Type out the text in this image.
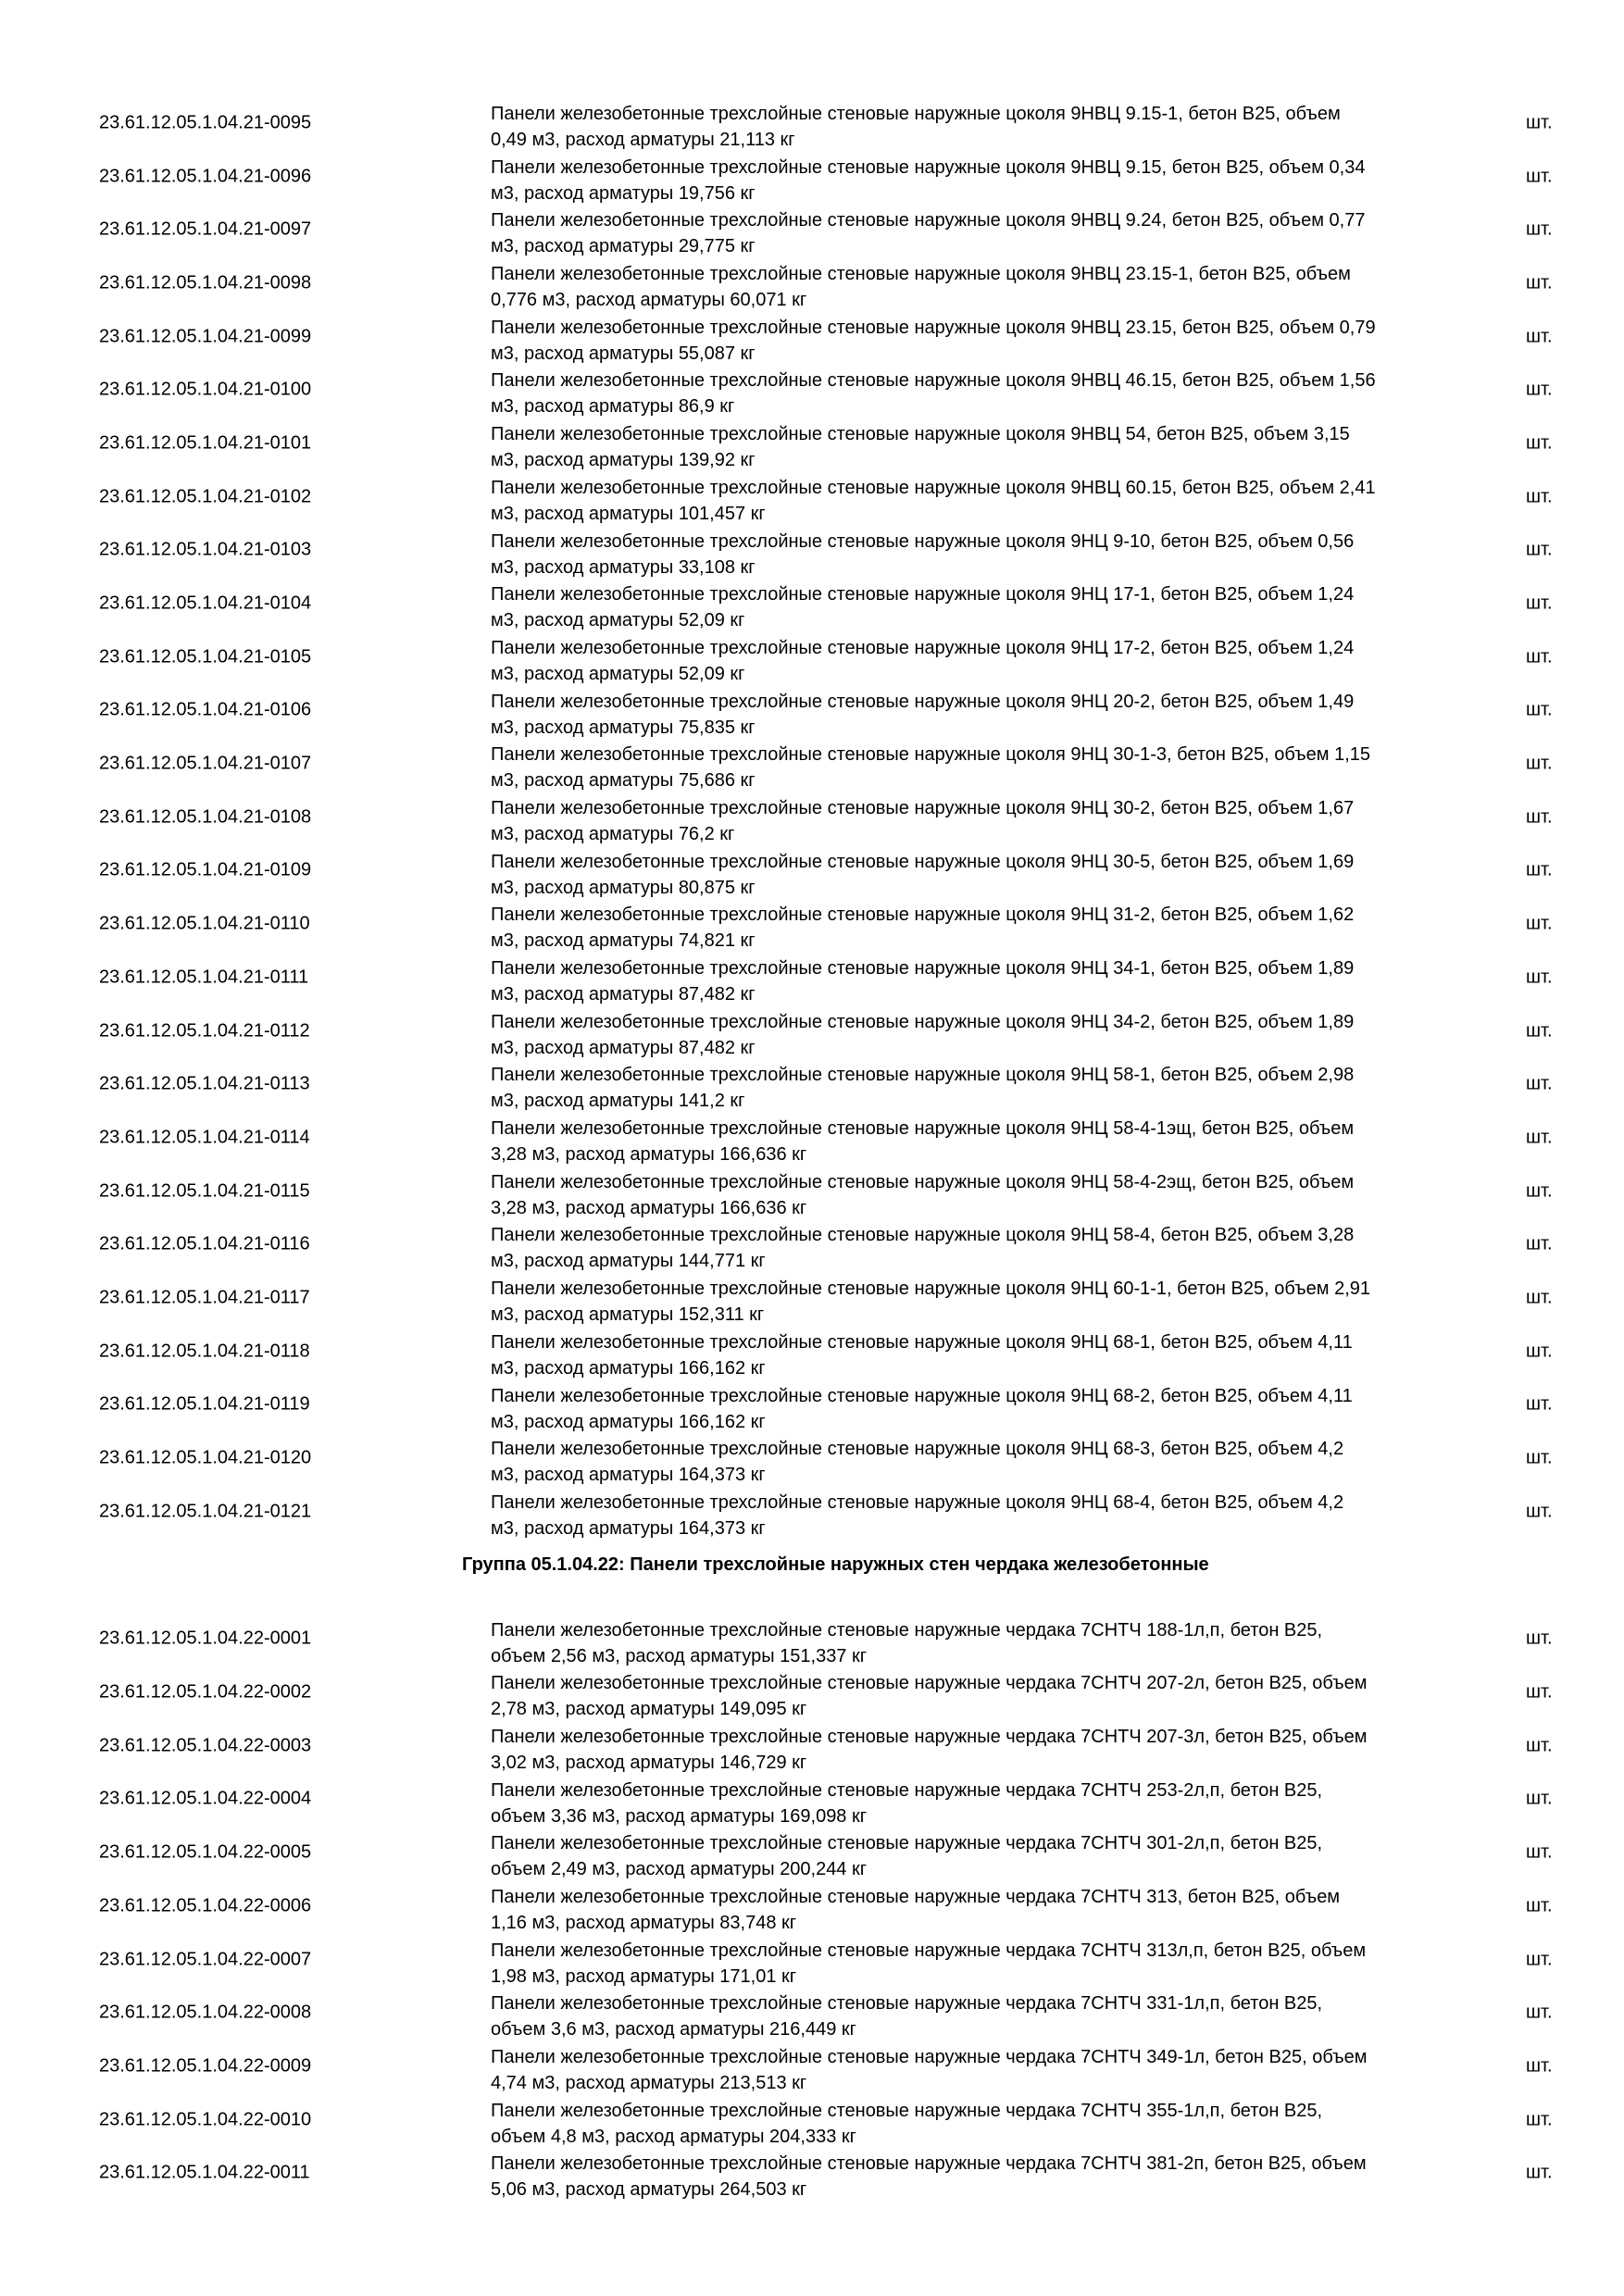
23.61.12.05.1.04.21-0095	Панели железобетонные трехслойные стеновые наружные цоколя 9НВЦ 9.15-1, бетон В25, объем
0,49 м3, расход арматуры 21,113 кг
шт.
23.61.12.05.1.04.21-0096	Панели железобетонные трехслойные стеновые наружные цоколя 9НВЦ 9.15, бетон В25, объем 0,34
м3, расход арматуры 19,756 кг
шт.
23.61.12.05.1.04.21-0097	Панели железобетонные трехслойные стеновые наружные цоколя 9НВЦ 9.24, бетон В25, объем 0,77
м3, расход арматуры 29,775 кг
шт.
23.61.12.05.1.04.21-0098	Панели железобетонные трехслойные стеновые наружные цоколя 9НВЦ 23.15-1, бетон В25, объем
0,776 м3, расход арматуры 60,071 кг
шт.
23.61.12.05.1.04.21-0099	Панели железобетонные трехслойные стеновые наружные цоколя 9НВЦ 23.15, бетон В25, объем 0,79
м3, расход арматуры 55,087 кг
шт.
23.61.12.05.1.04.21-0100	Панели железобетонные трехслойные стеновые наружные цоколя 9НВЦ 46.15, бетон В25, объем 1,56
м3, расход арматуры 86,9 кг
шт.
23.61.12.05.1.04.21-0101	Панели железобетонные трехслойные стеновые наружные цоколя 9НВЦ 54, бетон В25, объем 3,15
м3, расход арматуры 139,92 кг
шт.
23.61.12.05.1.04.21-0102	Панели железобетонные трехслойные стеновые наружные цоколя 9НВЦ 60.15, бетон В25, объем 2,41
м3, расход арматуры 101,457 кг
шт.
23.61.12.05.1.04.21-0103	Панели железобетонные трехслойные стеновые наружные цоколя 9НЦ 9-10, бетон В25, объем 0,56
м3, расход арматуры 33,108 кг
шт.
23.61.12.05.1.04.21-0104	Панели железобетонные трехслойные стеновые наружные цоколя 9НЦ 17-1, бетон В25, объем 1,24
м3, расход арматуры 52,09 кг
шт.
23.61.12.05.1.04.21-0105	Панели железобетонные трехслойные стеновые наружные цоколя 9НЦ 17-2, бетон В25, объем 1,24
м3, расход арматуры 52,09 кг
шт.
23.61.12.05.1.04.21-0106	Панели железобетонные трехслойные стеновые наружные цоколя 9НЦ 20-2, бетон В25, объем 1,49
м3, расход арматуры 75,835 кг
шт.
23.61.12.05.1.04.21-0107	Панели железобетонные трехслойные стеновые наружные цоколя 9НЦ 30-1-3, бетон В25, объем 1,15
м3, расход арматуры 75,686 кг
шт.
23.61.12.05.1.04.21-0108	Панели железобетонные трехслойные стеновые наружные цоколя 9НЦ 30-2, бетон В25, объем 1,67
м3, расход арматуры 76,2 кг
шт.
23.61.12.05.1.04.21-0109	Панели железобетонные трехслойные стеновые наружные цоколя 9НЦ 30-5, бетон В25, объем 1,69
м3, расход арматуры 80,875 кг
шт.
23.61.12.05.1.04.21-0110	Панели железобетонные трехслойные стеновые наружные цоколя 9НЦ 31-2, бетон В25, объем 1,62
м3, расход арматуры 74,821 кг
шт.
23.61.12.05.1.04.21-0111	Панели железобетонные трехслойные стеновые наружные цоколя 9НЦ 34-1, бетон В25, объем 1,89
м3, расход арматуры 87,482 кг
шт.
23.61.12.05.1.04.21-0112	Панели железобетонные трехслойные стеновые наружные цоколя 9НЦ 34-2, бетон В25, объем 1,89
м3, расход арматуры 87,482 кг
шт.
23.61.12.05.1.04.21-0113	Панели железобетонные трехслойные стеновые наружные цоколя 9НЦ 58-1, бетон В25, объем 2,98
м3, расход арматуры 141,2 кг
шт.
23.61.12.05.1.04.21-0114	Панели железобетонные трехслойные стеновые наружные цоколя 9НЦ 58-4-1эщ, бетон В25, объем
3,28 м3, расход арматуры 166,636 кг
шт.
23.61.12.05.1.04.21-0115	Панели железобетонные трехслойные стеновые наружные цоколя 9НЦ 58-4-2эщ, бетон В25, объем
3,28 м3, расход арматуры 166,636 кг
шт.
23.61.12.05.1.04.21-0116	Панели железобетонные трехслойные стеновые наружные цоколя 9НЦ 58-4, бетон В25, объем 3,28
м3, расход арматуры 144,771 кг
шт.
23.61.12.05.1.04.21-0117	Панели железобетонные трехслойные стеновые наружные цоколя 9НЦ 60-1-1, бетон В25, объем 2,91
м3, расход арматуры 152,311 кг
шт.
23.61.12.05.1.04.21-0118	Панели железобетонные трехслойные стеновые наружные цоколя 9НЦ 68-1, бетон В25, объем 4,11
м3, расход арматуры 166,162 кг
шт.
23.61.12.05.1.04.21-0119	Панели железобетонные трехслойные стеновые наружные цоколя 9НЦ 68-2, бетон В25, объем 4,11
м3, расход арматуры 166,162 кг
шт.
23.61.12.05.1.04.21-0120	Панели железобетонные трехслойные стеновые наружные цоколя 9НЦ 68-3, бетон В25, объем 4,2
м3, расход арматуры 164,373 кг
шт.
23.61.12.05.1.04.21-0121	Панели железобетонные трехслойные стеновые наружные цоколя 9НЦ 68-4, бетон В25, объем 4,2
м3, расход арматуры 164,373 кг
шт.
Группа 05.1.04.22: Панели трехслойные наружных стен чердака железобетонные
23.61.12.05.1.04.22-0001	Панели железобетонные трехслойные стеновые наружные чердака 7СНТЧ 188-1л,п, бетон В25,
объем 2,56 м3, расход арматуры 151,337 кг
шт.
23.61.12.05.1.04.22-0002	Панели железобетонные трехслойные стеновые наружные чердака 7СНТЧ 207-2л, бетон В25, объем
2,78 м3, расход арматуры 149,095 кг
шт.
23.61.12.05.1.04.22-0003	Панели железобетонные трехслойные стеновые наружные чердака 7СНТЧ 207-3л, бетон В25, объем
3,02 м3, расход арматуры 146,729 кг
шт.
23.61.12.05.1.04.22-0004	Панели железобетонные трехслойные стеновые наружные чердака 7СНТЧ 253-2л,п, бетон В25,
объем 3,36 м3, расход арматуры 169,098 кг
шт.
23.61.12.05.1.04.22-0005	Панели железобетонные трехслойные стеновые наружные чердака 7СНТЧ 301-2л,п, бетон В25,
объем 2,49 м3, расход арматуры 200,244 кг
шт.
23.61.12.05.1.04.22-0006	Панели железобетонные трехслойные стеновые наружные чердака 7СНТЧ 313, бетон В25, объем
1,16 м3, расход арматуры 83,748 кг
шт.
23.61.12.05.1.04.22-0007	Панели железобетонные трехслойные стеновые наружные чердака 7СНТЧ 313л,п, бетон В25, объем
1,98 м3, расход арматуры 171,01 кг
шт.
23.61.12.05.1.04.22-0008	Панели железобетонные трехслойные стеновые наружные чердака 7СНТЧ 331-1л,п, бетон В25,
объем 3,6 м3, расход арматуры 216,449 кг
шт.
23.61.12.05.1.04.22-0009	Панели железобетонные трехслойные стеновые наружные чердака 7СНТЧ 349-1л, бетон В25, объем
4,74 м3, расход арматуры 213,513 кг
шт.
23.61.12.05.1.04.22-0010	Панели железобетонные трехслойные стеновые наружные чердака 7СНТЧ 355-1л,п, бетон В25,
объем 4,8 м3, расход арматуры 204,333 кг
шт.
23.61.12.05.1.04.22-0011	Панели железобетонные трехслойные стеновые наружные чердака 7СНТЧ 381-2п, бетон В25, объем
5,06 м3, расход арматуры 264,503 кг
шт.
